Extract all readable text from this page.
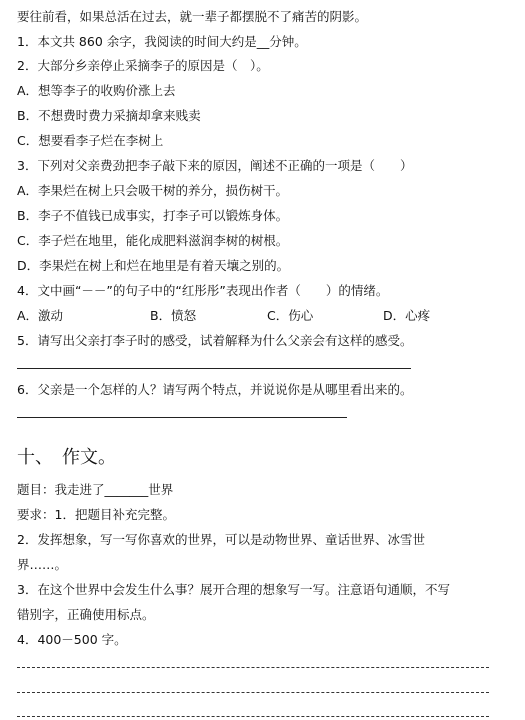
要往前看，如果总活在过去，就一辈子都摆脱不了痛苦的阴影。
1．本文共 860 余字，我阅读的时间大约是__分钟。
2．大部分乡亲停止采摘李子的原因是（　）。
A．想等李子的收购价涨上去
B．不想费时费力采摘却拿来贱卖
C．想要看李子烂在李树上
3．下列对父亲费劲把李子敲下来的原因，阐述不正确的一项是（　　）
A．李果烂在树上只会吸干树的养分，损伤树干。
B．李子不值钱已成事实，打李子可以锻炼身体。
C．李子烂在地里，能化成肥料滋润李树的树根。
D．李果烂在树上和烂在地里是有着天壤之别的。
4．文中画“－－”的句子中的“红彤彤”表现出作者（　　）的情绪。
A．激动	B．愤怒	C．伤心	D．心疼
5．请写出父亲打李子时的感受，试着解释为什么父亲会有这样的感受。
6．父亲是一个怎样的人？请写两个特点，并说说你是从哪里看出来的。
十、　作文。
题目：我走进了_______世界
要求：1．把题目补充完整。
2．发挥想象，写一写你喜欢的世界，可以是动物世界、童话世界、冰雪世
界……。
3．在这个世界中会发生什么事？展开合理的想象写一写。注意语句通顺，不写
错别字，正确使用标点。
4．400－500 字。
